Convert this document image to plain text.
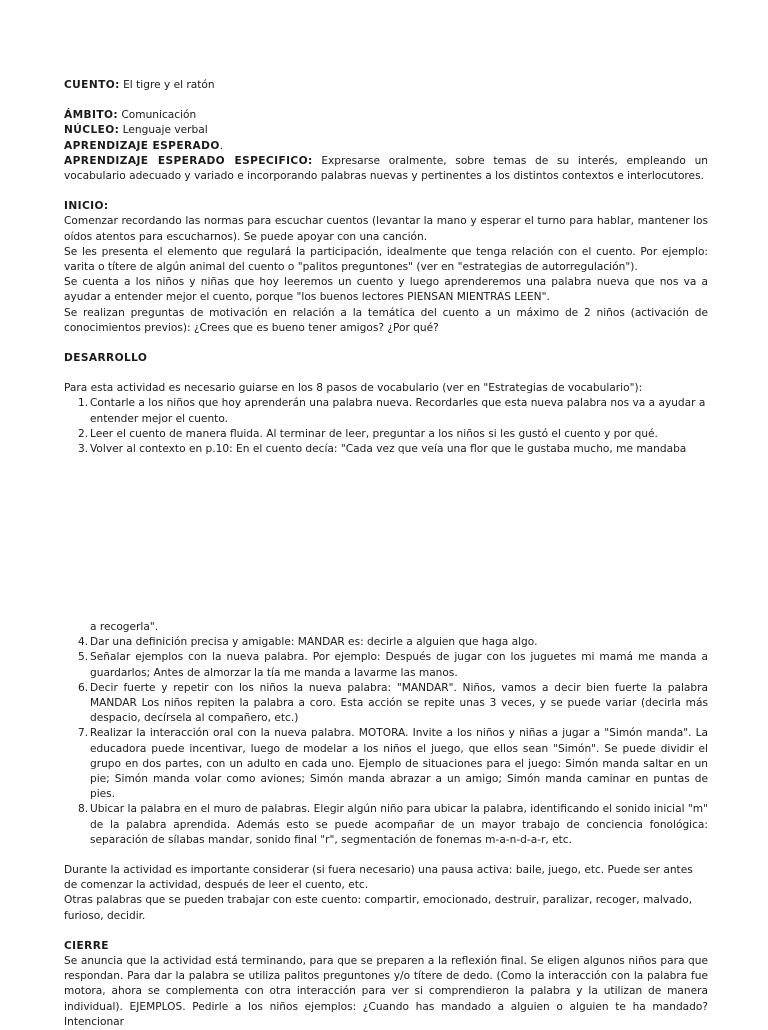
CUENTO: El tigre y el ratón

ÁMBITO: Comunicación

NÚCLEO: Lenguaje verbal

APRENDIZAJE ESPERADO.

APRENDIZAJE ESPERADO ESPECIFICO: Expresarse oralmente, sobre temas de su interés, empleando un vocabulario adecuado y variado e incorporando palabras nuevas y pertinentes a los distintos contextos e interlocutores.

INICIO:

Comenzar recordando las normas para escuchar cuentos (levantar la mano y esperar el turno para hablar, mantener los oídos atentos para escucharnos). Se puede apoyar con una canción.

Se les presenta el elemento que regulará la participación, idealmente que tenga relación con el cuento. Por ejemplo: varita o títere de algún animal del cuento o "palitos preguntones" (ver en "estrategias de autorregulación").

Se cuenta a los niños y niñas que hoy leeremos un cuento y luego aprenderemos una palabra nueva que nos va a ayudar a entender mejor el cuento, porque "los buenos lectores PIENSAN MIENTRAS LEEN".

Se realizan preguntas de motivación en relación a la temática del cuento a un máximo de 2 niños (activación de conocimientos previos): ¿Crees que es bueno tener amigos? ¿Por qué?

DESARROLLO

Para esta actividad es necesario guiarse en los 8 pasos de vocabulario (ver en "Estrategias de vocabulario"):

1. Contarle a los niños que hoy aprenderán una palabra nueva. Recordarles que esta nueva palabra nos va a ayudar a entender mejor el cuento.
2. Leer el cuento de manera fluida. Al terminar de leer, preguntar a los niños si les gustó el cuento y por qué.
3. Volver al contexto en p.10: En el cuento decía: "Cada vez que veía una flor que le gustaba mucho, me mandaba
a recogerla".
4. Dar una definición precisa y amigable: MANDAR es: decirle a alguien que haga algo.
5. Señalar ejemplos con la nueva palabra. Por ejemplo: Después de jugar con los juguetes mi mamá me manda a guardarlos; Antes de almorzar la tía me manda a lavarme las manos.
6. Decir fuerte y repetir con los niños la nueva palabra: "MANDAR". Niños, vamos a decir bien fuerte la palabra MANDAR Los niños repiten la palabra a coro. Esta acción se repite unas 3 veces, y se puede variar (decirla más despacio, decírsela al compañero, etc.)
7. Realizar la interacción oral con la nueva palabra. MOTORA. Invite a los niños y niñas a jugar a "Simón manda". La educadora puede incentivar, luego de modelar a los niños el juego, que ellos sean "Simón". Se puede dividir el grupo en dos partes, con un adulto en cada uno. Ejemplo de situaciones para el juego: Simón manda saltar en un pie; Simón manda volar como aviones; Simón manda abrazar a un amigo; Simón manda caminar en puntas de pies.
8. Ubicar la palabra en el muro de palabras. Elegir algún niño para ubicar la palabra, identificando el sonido inicial "m" de la palabra aprendida. Además esto se puede acompañar de un mayor trabajo de conciencia fonológica: separación de sílabas mandar, sonido final "r", segmentación de fonemas m-a-n-d-a-r, etc.

Durante la actividad es importante considerar (si fuera necesario) una pausa activa: baile, juego, etc. Puede ser antes de comenzar la actividad, después de leer el cuento, etc.

Otras palabras que se pueden trabajar con este cuento: compartir, emocionado, destruir, paralizar, recoger, malvado, furioso, decidir.

CIERRE

Se anuncia que la actividad está terminando, para que se preparen a la reflexión final. Se eligen algunos niños para que respondan. Para dar la palabra se utiliza palitos preguntones y/o títere de dedo. (Como la interacción con la palabra fue motora, ahora se complementa con otra interacción para ver si comprendieron la palabra y la utilizan de manera individual). EJEMPLOS. Pedirle a los niños ejemplos: ¿Cuando has mandado a alguien o alguien te ha mandado? Intencionar
